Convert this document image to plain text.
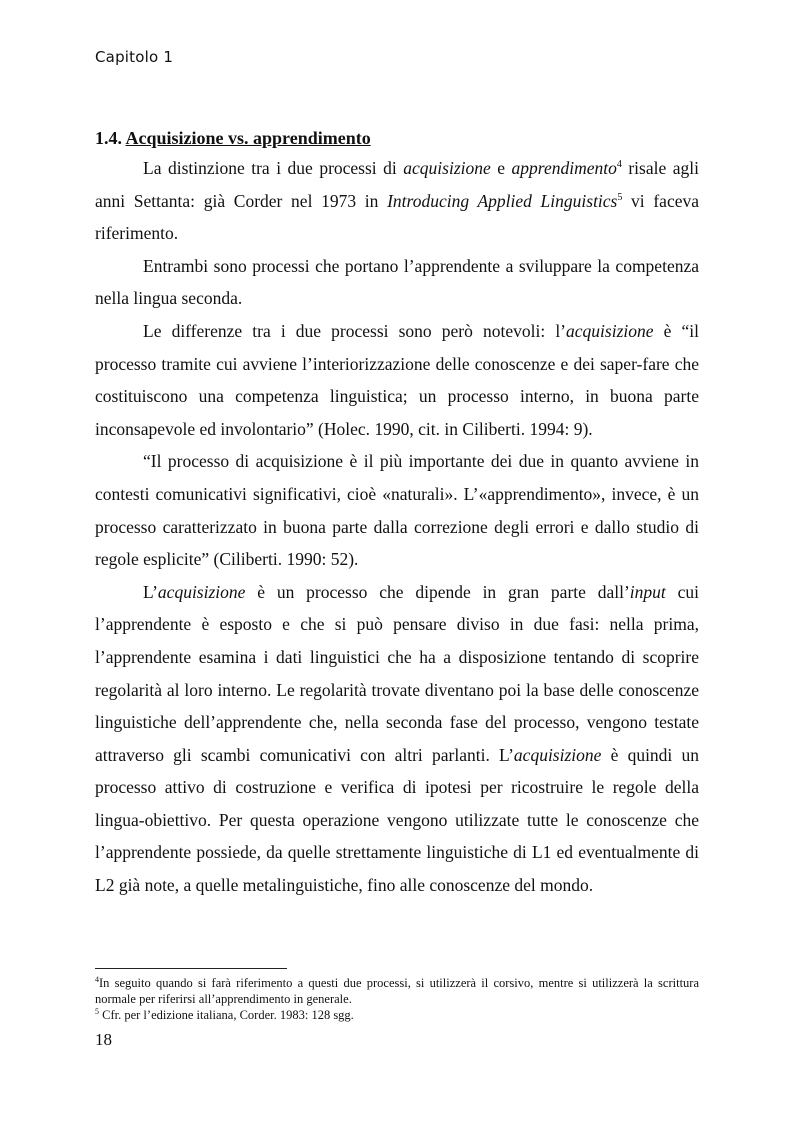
Capitolo 1
1.4. Acquisizione vs. apprendimento

La distinzione tra i due processi di acquisizione e apprendimento$^4$ risale agli anni Settanta: già Corder nel 1973 in Introducing Applied Linguistics$^5$ vi faceva riferimento.

Entrambi sono processi che portano l’apprendente a sviluppare la competenza nella lingua seconda.

Le differenze tra i due processi sono però notevoli: l’acquisizione è “il processo tramite cui avviene l’interiorizzazione delle conoscenze e dei saper-fare che costituiscono una competenza linguistica; un processo interno, in buona parte inconsapevole ed involontario” (Holec. 1990, cit. in Ciliberti. 1994: 9).

“Il processo di acquisizione è il più importante dei due in quanto avviene in contesti comunicativi significativi, cioè «naturali». L’«apprendimento», invece, è un processo caratterizzato in buona parte dalla correzione degli errori e dallo studio di regole esplicite” (Ciliberti. 1990: 52).

L’acquisizione è un processo che dipende in gran parte dall’input cui l’apprendente è esposto e che si può pensare diviso in due fasi: nella prima, l’apprendente esamina i dati linguistici che ha a disposizione tentando di scoprire regolarità al loro interno. Le regolarità trovate diventano poi la base delle conoscenze linguistiche dell’apprendente che, nella seconda fase del processo, vengono testate attraverso gli scambi comunicativi con altri parlanti. L’acquisizione è quindi un processo attivo di costruzione e verifica di ipotesi per ricostruire le regole della lingua-obiettivo. Per questa operazione vengono utilizzate tutte le conoscenze che l’apprendente possiede, da quelle strettamente linguistiche di L1 ed eventualmente di L2 già note, a quelle metalinguistiche, fino alle conoscenze del mondo.

$^4$In seguito quando si farà riferimento a questi due processi, si utilizzerà il corsivo, mentre si utilizzerà la scrittura normale per riferirsi all’apprendimento in generale.

$^5$ Cfr. per l’edizione italiana, Corder. 1983: 128 sgg.

18
